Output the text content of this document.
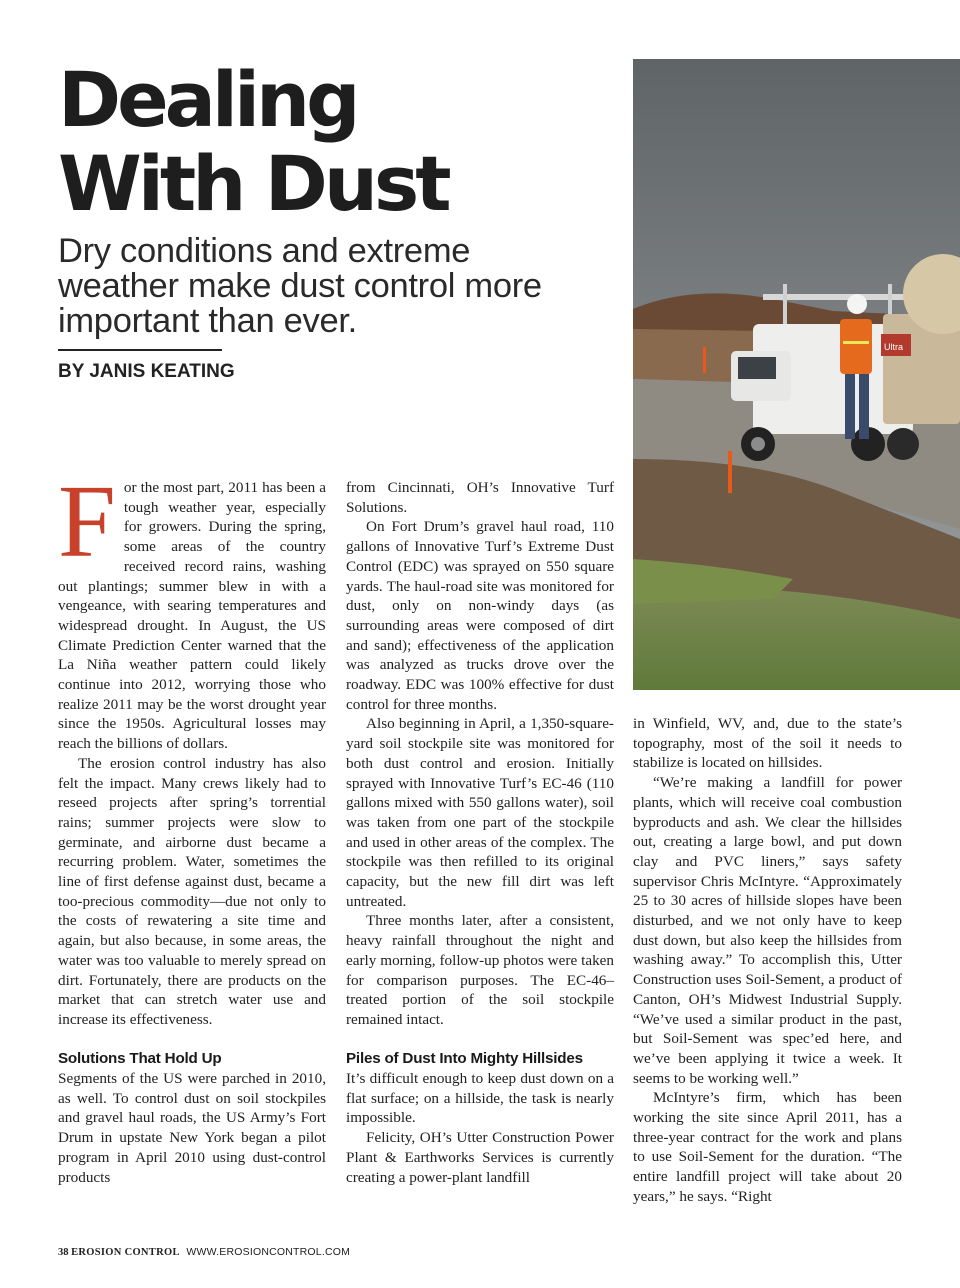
Dealing
With Dust

Dry conditions and extreme weather make dust control more important than ever.

BY JANIS KEATING

Ultra

For the most part, 2011 has been a tough weather year, especially for growers. During the spring, some areas of the country received record rains, washing out plantings; summer blew in with a vengeance, with searing temperatures and widespread drought. In August, the US Climate Prediction Center warned that the La Niña weather pattern could likely continue into 2012, worrying those who realize 2011 may be the worst drought year since the 1950s. Agricultural losses may reach the billions of dollars.

The erosion control industry has also felt the impact. Many crews likely had to reseed projects after spring’s torrential rains; summer projects were slow to germinate, and airborne dust became a recurring problem. Water, sometimes the line of first defense against dust, became a too-precious commodity—due not only to the costs of rewatering a site time and again, but also because, in some areas, the water was too valuable to merely spread on dirt. Fortunately, there are products on the market that can stretch water use and increase its effectiveness.

Solutions That Hold Up

Segments of the US were parched in 2010, as well. To control dust on soil stockpiles and gravel haul roads, the US Army’s Fort Drum in upstate New York began a pilot program in April 2010 using dust-control products

from Cincinnati, OH’s Innovative Turf Solutions.

On Fort Drum’s gravel haul road, 110 gallons of Innovative Turf’s Extreme Dust Control (EDC) was sprayed on 550 square yards. The haul-road site was monitored for dust, only on non-windy days (as surrounding areas were composed of dirt and sand); effectiveness of the application was analyzed as trucks drove over the roadway. EDC was 100% effective for dust control for three months.

Also beginning in April, a 1,350-square-yard soil stockpile site was monitored for both dust control and erosion. Initially sprayed with Innovative Turf’s EC-46 (110 gallons mixed with 550 gallons water), soil was taken from one part of the stockpile and used in other areas of the complex. The stockpile was then refilled to its original capacity, but the new fill dirt was left untreated.

Three months later, after a consistent, heavy rainfall throughout the night and early morning, follow-up photos were taken for comparison purposes. The EC-46–treated portion of the soil stockpile remained intact.

Piles of Dust Into Mighty Hillsides

It’s difficult enough to keep dust down on a flat surface; on a hillside, the task is nearly impossible.

Felicity, OH’s Utter Construction Power Plant & Earthworks Services is currently creating a power-plant landfill

in Winfield, WV, and, due to the state’s topography, most of the soil it needs to stabilize is located on hillsides.

“We’re making a landfill for power plants, which will receive coal combustion byproducts and ash. We clear the hillsides out, creating a large bowl, and put down clay and PVC liners,” says safety supervisor Chris McIntyre. “Approximately 25 to 30 acres of hillside slopes have been disturbed, and we not only have to keep dust down, but also keep the hillsides from washing away.” To accomplish this, Utter Construction uses Soil-Sement, a product of Canton, OH’s Midwest Industrial Supply. “We’ve used a similar product in the past, but Soil-Sement was spec’ed here, and we’ve been applying it twice a week. It seems to be working well.”

McIntyre’s firm, which has been working the site since April 2011, has a three-year contract for the work and plans to use Soil-Sement for the duration. “The entire landfill project will take about 20 years,” he says. “Right

38 EROSION CONTROL WWW.EROSIONCONTROL.COM
